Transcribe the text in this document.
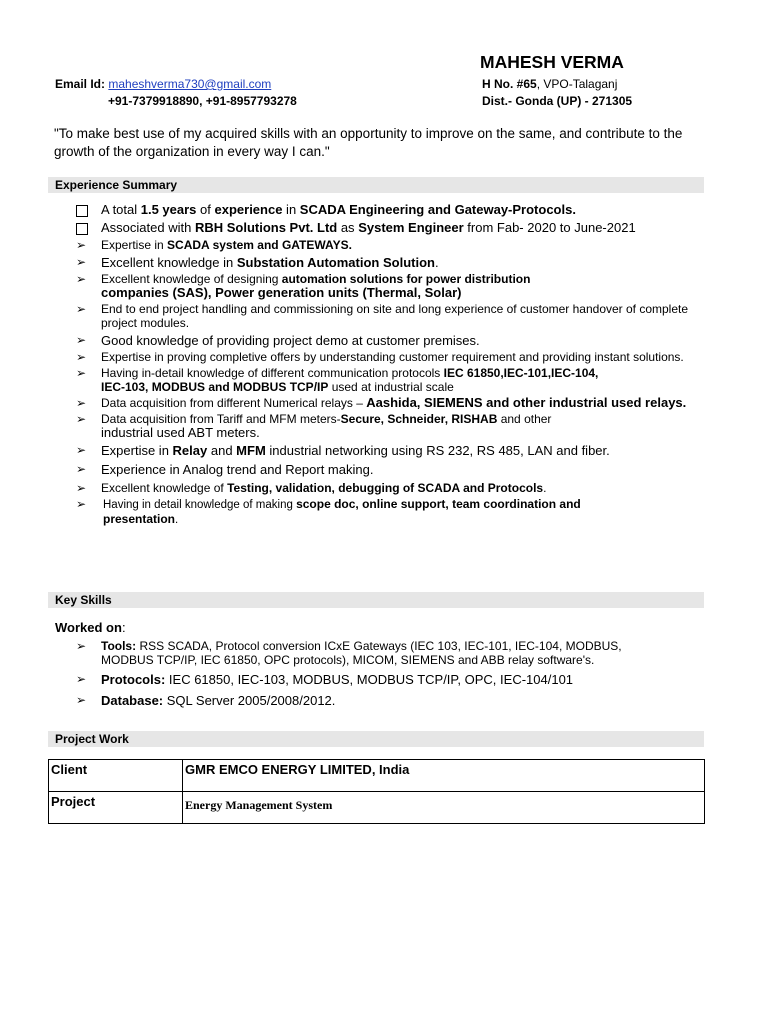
MAHESH VERMA
Email Id: maheshverma730@gmail.com
+91-7379918890, +91-8957793278
H No. #65, VPO-Talaganj
Dist.- Gonda (UP) - 271305
"To make best use of my acquired skills with an opportunity to improve on the same, and contribute to the growth of the organization in every way I can."
Experience Summary
A total 1.5 years of experience in SCADA Engineering and Gateway-Protocols.
Associated with RBH Solutions Pvt. Ltd as System Engineer from Fab- 2020 to June-2021
➢	Expertise in SCADA system and GATEWAYS.
➢	Excellent knowledge in Substation Automation Solution.
➢	Excellent knowledge of designing automation solutions for power distribution
companies (SAS), Power generation units (Thermal, Solar)
➢	End to end project handling and commissioning on site and long experience of customer handover of complete project modules.
➢	Good knowledge of providing project demo at customer premises.
➢	Expertise in proving completive offers by understanding customer requirement and providing instant solutions.
➢	Having in-detail knowledge of different communication protocols IEC 61850,IEC-101,IEC-104,
IEC-103, MODBUS and MODBUS TCP/IP used at industrial scale
➢	Data acquisition from different Numerical relays – Aashida, SIEMENS and other industrial used relays.
➢	Data acquisition from Tariff and MFM meters-Secure, Schneider, RISHAB and other
industrial used ABT meters.
➢	Expertise in Relay and MFM industrial networking using RS 232, RS 485, LAN and fiber.
➢	Experience in Analog trend and Report making.
➢	Excellent knowledge of Testing, validation, debugging of SCADA and Protocols.
➢	Having in detail knowledge of making scope doc, online support, team coordination and
presentation.
Key Skills
Worked on:
➢	Tools: RSS SCADA, Protocol conversion ICxE Gateways (IEC 103, IEC-101, IEC-104, MODBUS, MODBUS TCP/IP, IEC 61850, OPC protocols), MICOM, SIEMENS and ABB relay software's.
➢	Protocols: IEC 61850, IEC-103, MODBUS, MODBUS TCP/IP, OPC, IEC-104/101
➢	Database: SQL Server 2005/2008/2012.
Project Work
Client	GMR EMCO ENERGY LIMITED, India
Project	Energy Management System
